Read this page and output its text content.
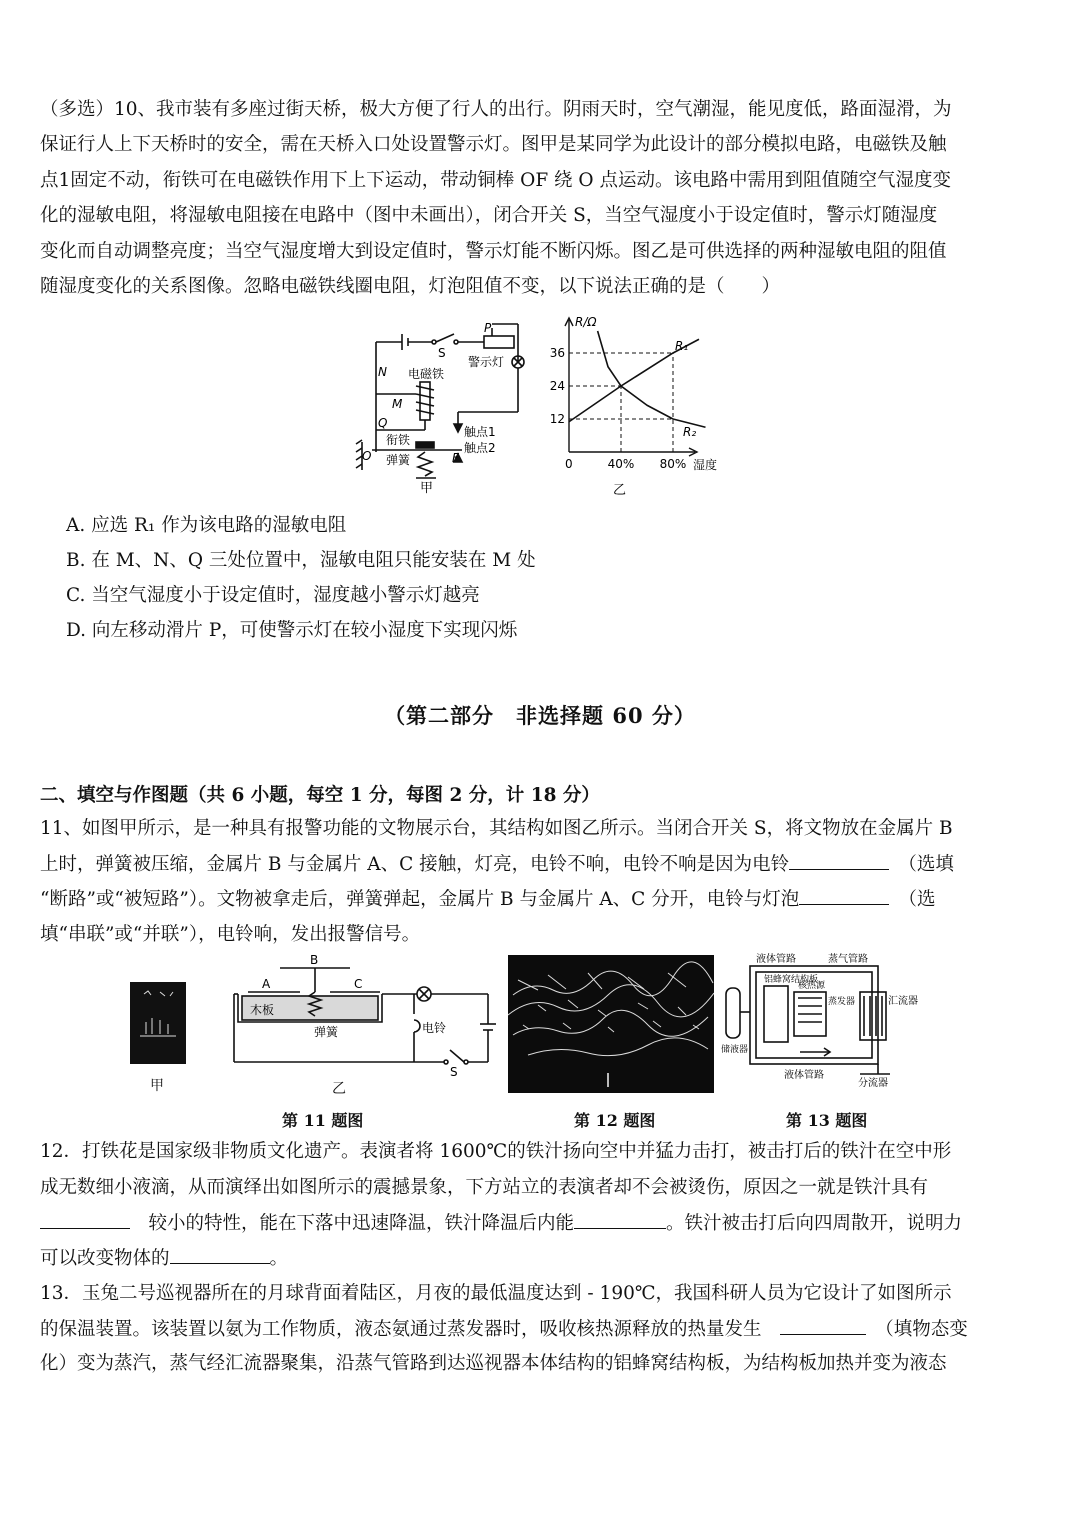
（多选）10、我市装有多座过街天桥，极大方便了行人的出行。阴雨天时，空气潮湿，能见度低，路面湿滑，为
保证行人上下天桥时的安全，需在天桥入口处设置警示灯。图甲是某同学为此设计的部分模拟电路，电磁铁及触
点1固定不动，衔铁可在电磁铁作用下上下运动，带动铜棒 OF 绕 O 点运动。该电路中需用到阻值随空气湿度变
化的湿敏电阻，将湿敏电阻接在电路中（图中未画出），闭合开关 S，当空气湿度小于设定值时，警示灯随湿度
变化而自动调整亮度；当空气湿度增大到设定值时，警示灯能不断闪烁。图乙是可供选择的两种湿敏电阻的阻值
随湿度变化的关系图像。忽略电磁铁线圈电阻，灯泡阻值不变，以下说法正确的是（　　）
S
P
警示灯
N
M
Q
O	F
电磁铁
衔铁
弹簧
触点1
触点2
甲
R/Ω
湿度
0	40% 80%
36
24
12
R₁
R₂
乙
A. 应选 R₁ 作为该电路的湿敏电阻
B. 在 M、N、Q 三处位置中，湿敏电阻只能安装在 M 处
C. 当空气湿度小于设定值时，湿度越小警示灯越亮
D. 向左移动滑片 P，可使警示灯在较小湿度下实现闪烁
（第二部分　非选择题 60 分）
二、填空与作图题（共 6 小题，每空 1 分，每图 2 分，计 18 分）
11、如图甲所示，是一种具有报警功能的文物展示台，其结构如图乙所示。当闭合开关 S，将文物放在金属片 B
上时，弹簧被压缩，金属片 B 与金属片 A、C 接触，灯亮，电铃不响，电铃不响是因为电铃　	（选填
“断路”或“被短路”）。文物被拿走后，弹簧弹起，金属片 B 与金属片 A、C 分开，电铃与灯泡　	（选
填“串联”或“并联”），电铃响，发出报警信号。
甲
B
A	C
木板
弹簧	电铃
S
乙
液体管路	蒸气管路
汇流器
储液器
铝蜂窝结构板
核热源
蒸发器
液体管路
分流器
第 11 题图	第 12 题图	第 13 题图
12．打铁花是国家级非物质文化遗产。表演者将 1600℃的铁汁扬向空中并猛力击打，被击打后的铁汁在空中形
成无数细小液滴，从而演绎出如图所示的震撼景象，下方站立的表演者却不会被烫伤，原因之一就是铁汁具有
　较小的特性，能在下落中迅速降温，铁汁降温后内能	。铁汁被击打后向四周散开，说明力
可以改变物体的	。
13．玉兔二号巡视器所在的月球背面着陆区，月夜的最低温度达到 - 190℃，我国科研人员为它设计了如图所示
的保温装置。该装置以氨为工作物质，液态氨通过蒸发器时，吸收核热源释放的热量发生　　	（填物态变
化）变为蒸汽，蒸气经汇流器聚集，沿蒸气管路到达巡视器本体结构的铝蜂窝结构板，为结构板加热并变为液态
